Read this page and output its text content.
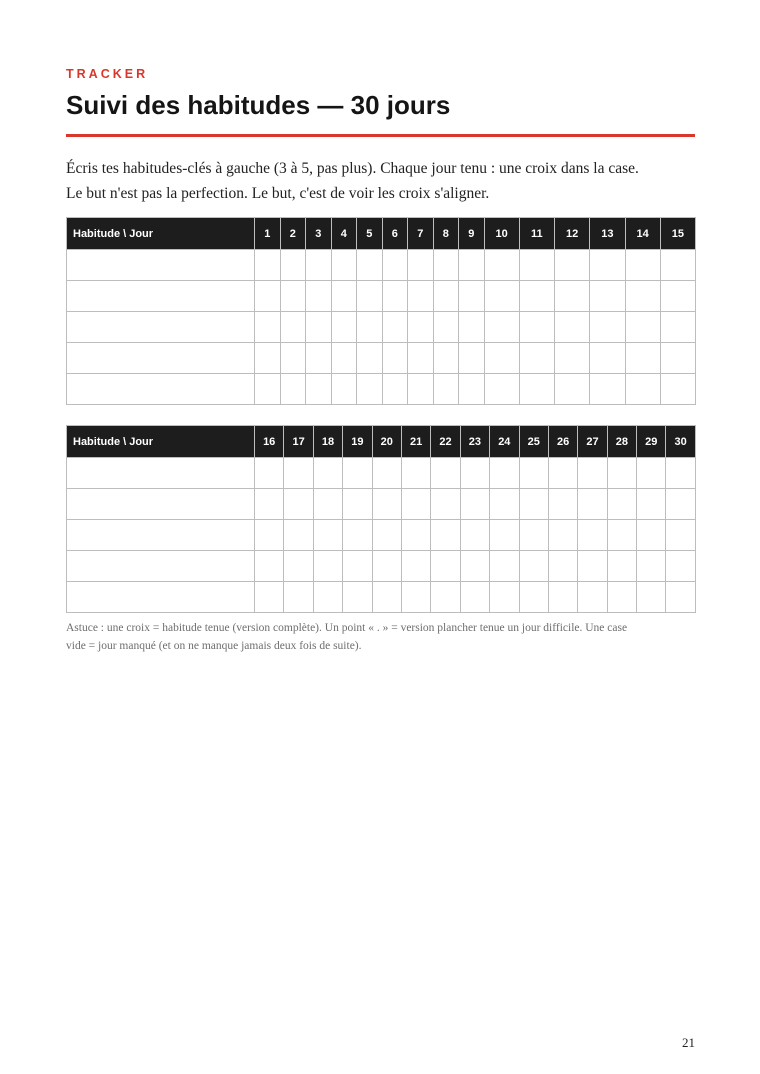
TRACKER
Suivi des habitudes — 30 jours

Écris tes habitudes-clés à gauche (3 à 5, pas plus). Chaque jour tenu : une croix dans la case.
Le but n'est pas la perfection. Le but, c'est de voir les croix s'aligner.

Habitude \ Jour	1	2	3	4	5	6	7	8	9	10	11	12	13	14	15

Habitude \ Jour	16	17	18	19	20	21	22	23	24	25	26	27	28	29	30

Astuce : une croix = habitude tenue (version complète). Un point « . » = version plancher tenue un jour difficile. Une case
vide = jour manqué (et on ne manque jamais deux fois de suite).

21
